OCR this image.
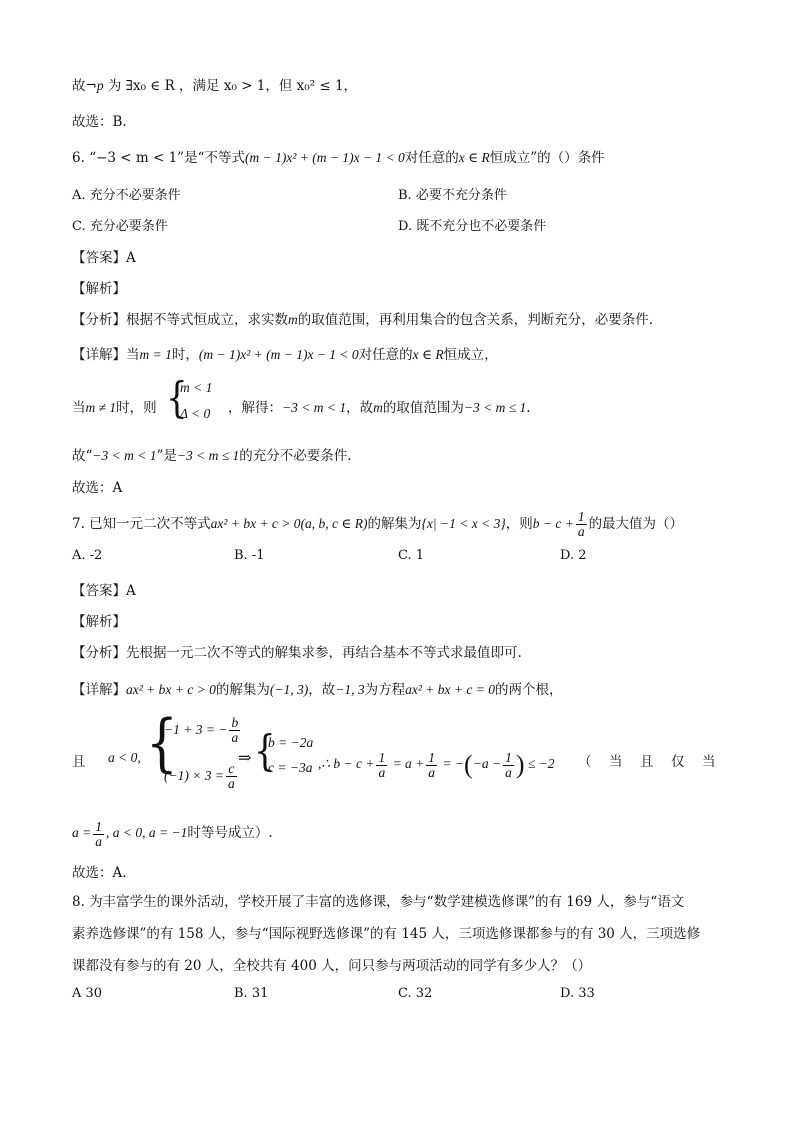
故¬p 为 ∃x₀ ∈ R ，满足 x₀ > 1，但 x₀² ≤ 1，
故选：B.
6. “−3 < m < 1”是“不等式(m − 1)x² + (m − 1)x − 1 < 0对任意的x ∈ R恒成立”的（）条件
A. 充分不必要条件	B. 必要不充分条件
C. 充分必要条件	D. 既不充分也不必要条件
【答案】A
【解析】
【分析】根据不等式恒成立，求实数m的取值范围，再利用集合的包含关系，判断充分，必要条件.
【详解】当m = 1时，(m − 1)x² + (m − 1)x − 1 < 0对任意的x ∈ R恒成立，
当m ≠ 1时，则 {
m < 1
Δ < 0 ，解得：−3 < m < 1，故m的取值范围为−3 < m ≤ 1.
故“−3 < m < 1”是−3 < m ≤ 1的充分不必要条件.
故选：A
7. 已知一元二次不等式ax² + bx + c > 0(a, b, c ∈ R)的解集为{x| −1 < x < 3}，则$b - c + \frac{1}{a}$ 的最大值为（）
A. -2	B. -1	C. 1	D. 2
【答案】A
【解析】
【分析】先根据一元二次不等式的解集求参，再结合基本不等式求最值即可.
【详解】ax² + bx + c > 0的解集为(−1, 3)，故−1, 3为方程ax² + bx + c = 0的两个根，
且 a < 0, {
−1 + 3 = − $\frac{b}{a}$
$(-1) \times 3 = \frac{c}{a}$
⇒ {
b = −2a
c = −3a ,∴ $b - c + \frac{1}{a} = a + \frac{1}{a} = -(-a - \frac{1}{a}$ ) ≤ −2 （　当　且　仅　当
$a = \frac{1}{a}$ , a < 0, a = −1时等号成立）.
故选：A.
8. 为丰富学生的课外活动，学校开展了丰富的选修课，参与“数学建模选修课”的有 169 人，参与“语文
素养选修课”的有 158 人，参与“国际视野选修课”的有 145 人，三项选修课都参与的有 30 人，三项选修
课都没有参与的有 20 人，全校共有 400 人，问只参与两项活动的同学有多少人？（）
A 30	B. 31	C. 32	D. 33
